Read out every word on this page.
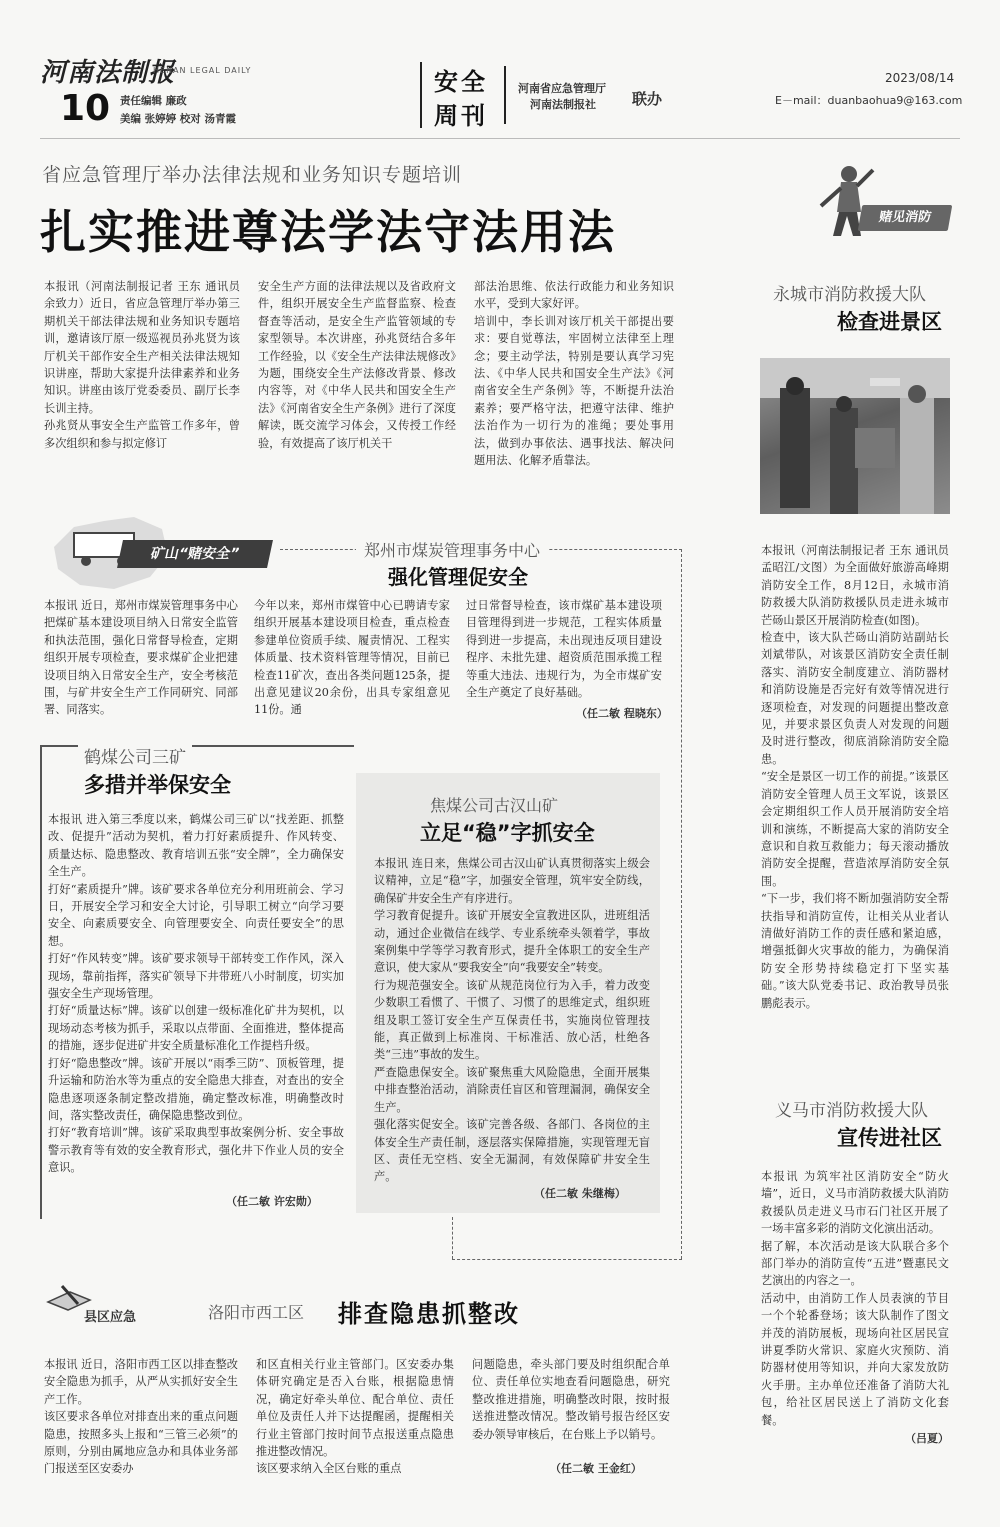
河南法制报
HENAN LEGAL DAILY
10 责任编辑 廉政
美编 张婷婷 校对 汤青霞
安全
周刊
河南省应急管理厅
河南法制报社 联办
2023/08/14
E－mail：duanbaohua9@163.com
省应急管理厅举办法律法规和业务知识专题培训
扎实推进尊法学法守法用法
本报讯（河南法制报记者 王东 通讯员 余致力）近日，省应急管理厅举办第三期机关干部法律法规和业务知识专题培训，邀请该厅原一级巡视员孙兆贤为该厅机关干部作安全生产相关法律法规知识讲座，帮助大家提升法律素养和业务知识。讲座由该厅党委委员、副厅长李长训主持。
孙兆贤从事安全生产监管工作多年，曾多次组织和参与拟定修订
安全生产方面的法律法规以及省政府文件，组织开展安全生产监督监察、检查督查等活动，是安全生产监管领域的专家型领导。本次讲座，孙兆贤结合多年工作经验，以《安全生产法律法规修改》为题，围绕安全生产法修改背景、修改内容等，对《中华人民共和国安全生产法》《河南省安全生产条例》进行了深度解读，既交流学习体会，又传授工作经验，有效提高了该厅机关干
部法治思维、依法行政能力和业务知识水平，受到大家好评。
培训中，李长训对该厅机关干部提出要求：要自觉尊法，牢固树立法律至上理念；要主动学法，特别是要认真学习宪法、《中华人民共和国安全生产法》《河南省安全生产条例》等，不断提升法治素养；要严格守法，把遵守法律、维护法治作为一切行为的准绳；要处事用法，做到办事依法、遇事找法、解决问题用法、化解矛盾靠法。
赌见消防
永城市消防救援大队
检查进景区
本报讯（河南法制报记者 王东 通讯员 孟昭江/文图）为全面做好旅游高峰期消防安全工作，8月12日，永城市消防救援大队消防救援队员走进永城市芒砀山景区开展消防检查(如图)。
检查中，该大队芒砀山消防站副站长刘斌带队，对该景区消防安全责任制落实、消防安全制度建立、消防器材和消防设施是否完好有效等情况进行逐项检查，对发现的问题提出整改意见，并要求景区负责人对发现的问题及时进行整改，彻底消除消防安全隐患。
“安全是景区一切工作的前提。”该景区消防安全管理人员王文军说，该景区会定期组织工作人员开展消防安全培训和演练，不断提高大家的消防安全意识和自救互救能力；每天滚动播放消防安全提醒，营造浓厚消防安全氛围。
“下一步，我们将不断加强消防安全帮扶指导和消防宣传，让相关从业者认清做好消防工作的责任感和紧迫感，增强抵御火灾事故的能力，为确保消防安全形势持续稳定打下坚实基础。”该大队党委书记、政治教导员张鹏彪表示。
义马市消防救援大队
宣传进社区
本报讯 为筑牢社区消防安全“防火墙”，近日，义马市消防救援大队消防救援队员走进义马市石门社区开展了一场丰富多彩的消防文化演出活动。
据了解，本次活动是该大队联合多个部门举办的消防宣传“五进”暨惠民文艺演出的内容之一。
活动中，由消防工作人员表演的节目一个个轮番登场；该大队制作了图文并茂的消防展板，现场向社区居民宣讲夏季防火常识、家庭火灾预防、消防器材使用等知识，并向大家发放防火手册。主办单位还准备了消防大礼包，给社区居民送上了消防文化套餐。
（吕夏）
矿山“赌安全”	郑州市煤炭管理事务中心
强化管理促安全
本报讯 近日，郑州市煤炭管理事务中心把煤矿基本建设项目纳入日常安全监管和执法范围，强化日常督导检查，定期组织开展专项检查，要求煤矿企业把建设项目纳入日常安全生产，安全考核范围，与矿井安全生产工作同研究、同部署、同落实。
今年以来，郑州市煤管中心已聘请专家组织开展基本建设项目检查，重点检查参建单位资质手续、履责情况、工程实体质量、技术资料管理等情况，目前已检查11矿次，查出各类问题125条，提出意见建议20余份，出具专家组意见11份。通
过日常督导检查，该市煤矿基本建设项目管理得到进一步规范，工程实体质量得到进一步提高，未出现违反项目建设程序、未批先建、超资质范围承揽工程等重大违法、违规行为，为全市煤矿安全生产奠定了良好基础。
（任二敏 程晓东）
鹤煤公司三矿
多措并举保安全
本报讯 进入第三季度以来，鹤煤公司三矿以“找差距、抓整改、促提升”活动为契机，着力打好素质提升、作风转变、质量达标、隐患整改、教育培训五张“安全牌”，全力确保安全生产。
打好“素质提升”牌。该矿要求各单位充分利用班前会、学习日，开展安全学习和安全大讨论，引导职工树立“向学习要安全、向素质要安全、向管理要安全、向责任要安全”的思想。
打好“作风转变”牌。该矿要求领导干部转变工作作风，深入现场，靠前指挥，落实矿领导下井带班八小时制度，切实加强安全生产现场管理。
打好“质量达标”牌。该矿以创建一级标准化矿井为契机，以现场动态考核为抓手，采取以点带面、全面推进，整体提高的措施，逐步促进矿井安全质量标准化工作提档升级。
打好“隐患整改”牌。该矿开展以“雨季三防”、顶板管理，提升运输和防治水等为重点的安全隐患大排查，对查出的安全隐患逐项逐条制定整改措施，确定整改标准，明确整改时间，落实整改责任，确保隐患整改到位。
打好“教育培训”牌。该矿采取典型事故案例分析、安全事故警示教育等有效的安全教育形式，强化井下作业人员的安全意识。
（任二敏 许宏勋）
焦煤公司古汉山矿
立足“稳”字抓安全
本报讯 连日来，焦煤公司古汉山矿认真贯彻落实上级会议精神，立足“稳”字，加强安全管理，筑牢安全防线，确保矿井安全生产有序进行。
学习教育促提升。该矿开展安全宣教进区队，进班组活动，通过企业微信在线学、专业系统牵头领着学，事故案例集中学等学习教育形式，提升全体职工的安全生产意识，使大家从“要我安全”向“我要安全”转变。
行为规范强安全。该矿从规范岗位行为入手，着力改变少数职工看惯了、干惯了、习惯了的思维定式，组织班组及职工签订安全生产互保责任书，实施岗位管理技能，真正做到上标准岗、干标准活、放心活，杜绝各类“三违”事故的发生。
严查隐患保安全。该矿聚焦重大风险隐患，全面开展集中排查整治活动，消除责任盲区和管理漏洞，确保安全生产。
强化落实促安全。该矿完善各级、各部门、各岗位的主体安全生产责任制，逐层落实保障措施，实现管理无盲区、责任无空档、安全无漏洞，有效保障矿井安全生产。
（任二敏 朱继梅）
县区应急	洛阳市西工区 排查隐患抓整改
本报讯 近日，洛阳市西工区以排查整改安全隐患为抓手，从严从实抓好安全生产工作。
该区要求各单位对排查出来的重点问题隐患，按照多头上报和“三管三必须”的原则，分别由属地应急办和具体业务部门报送至区安委办
和区直相关行业主管部门。区安委办集体研究确定是否入台账，根据隐患情况，确定好牵头单位、配合单位、责任单位及责任人并下达提醒函，提醒相关行业主管部门按时间节点报送重点隐患推进整改情况。
该区要求纳入全区台账的重点
问题隐患，牵头部门要及时组织配合单位、责任单位实地查看问题隐患，研究整改推进措施，明确整改时限，按时报送推进整改情况。整改销号报告经区安委办领导审核后，在台账上予以销号。
（任二敏 王金红）
